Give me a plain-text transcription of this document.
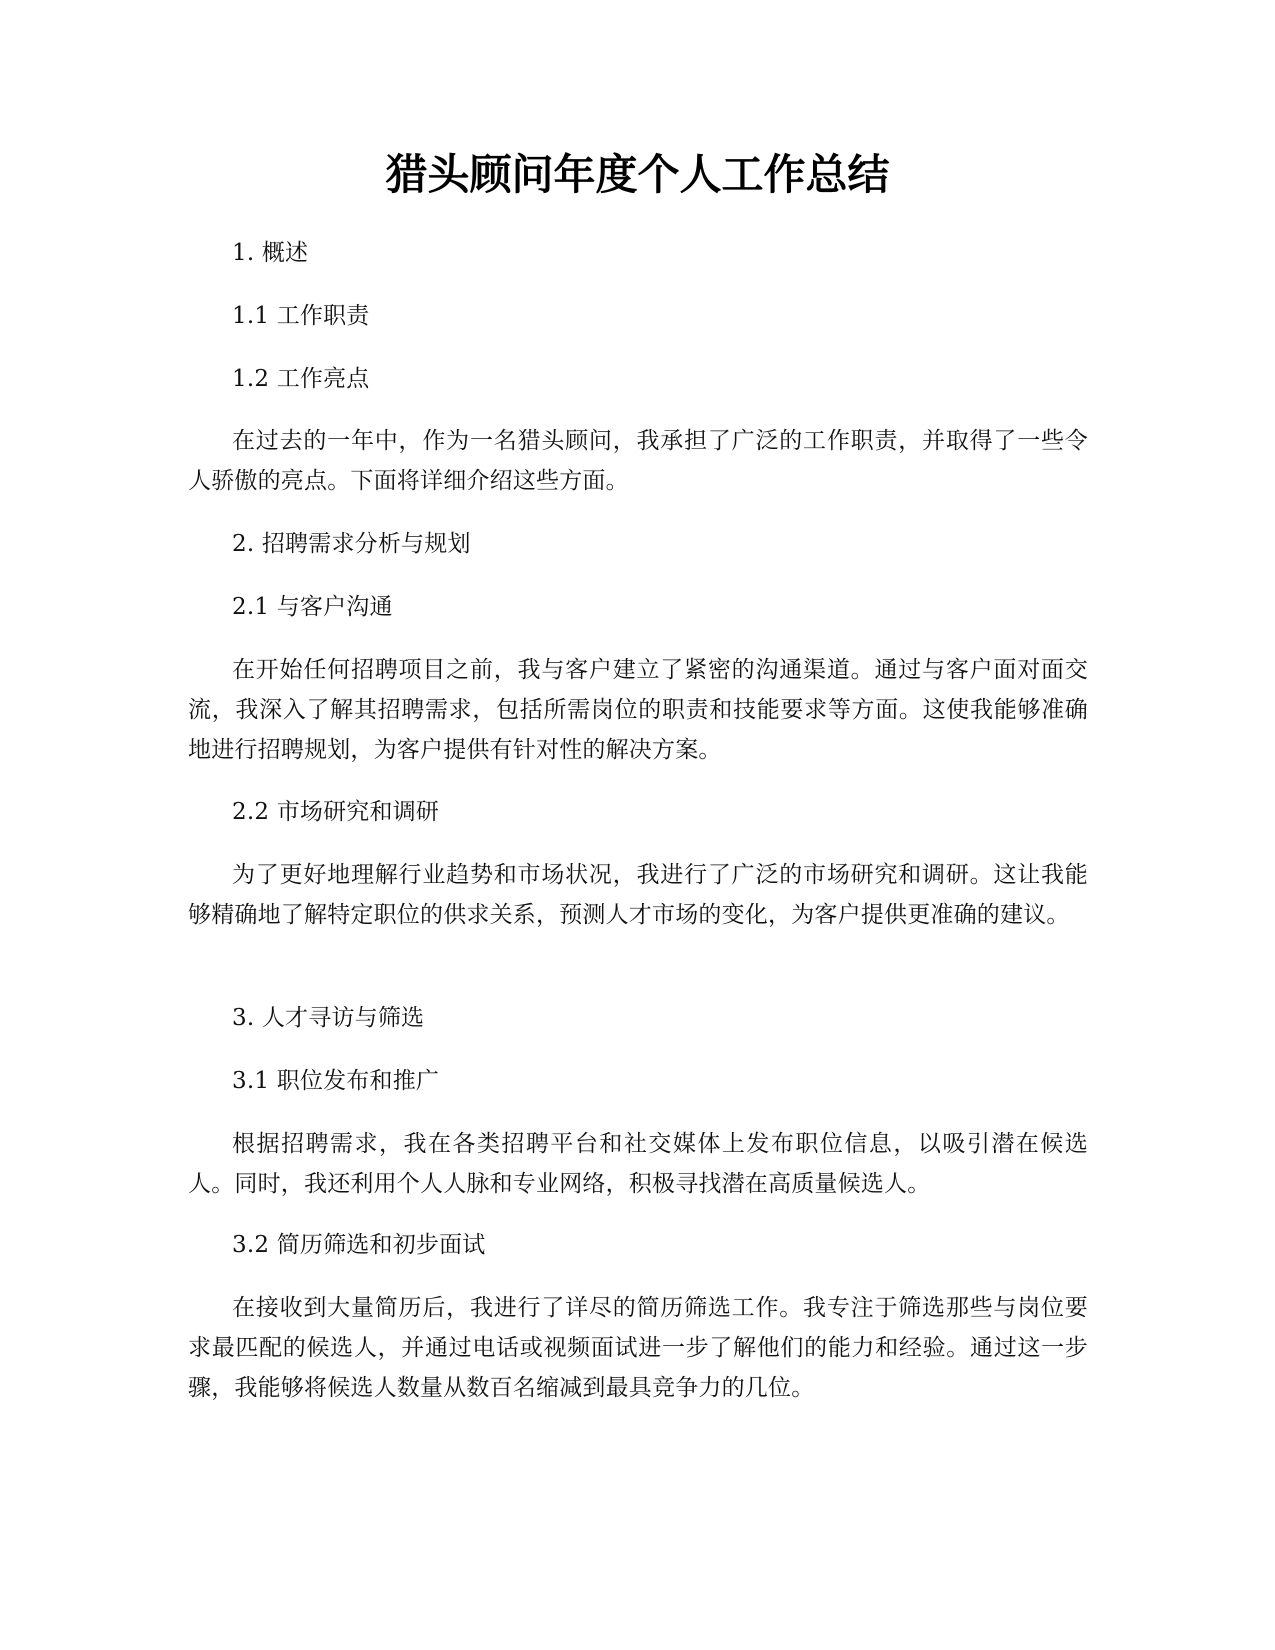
猎头顾问年度个人工作总结

1. 概述

1.1 工作职责

1.2 工作亮点

在过去的一年中，作为一名猎头顾问，我承担了广泛的工作职责，并取得了一些令人骄傲的亮点。下面将详细介绍这些方面。

2. 招聘需求分析与规划

2.1 与客户沟通

在开始任何招聘项目之前，我与客户建立了紧密的沟通渠道。通过与客户面对面交流，我深入了解其招聘需求，包括所需岗位的职责和技能要求等方面。这使我能够准确地进行招聘规划，为客户提供有针对性的解决方案。

2.2 市场研究和调研

为了更好地理解行业趋势和市场状况，我进行了广泛的市场研究和调研。这让我能够精确地了解特定职位的供求关系，预测人才市场的变化，为客户提供更准确的建议。

3. 人才寻访与筛选

3.1 职位发布和推广

根据招聘需求，我在各类招聘平台和社交媒体上发布职位信息，以吸引潜在候选人。同时，我还利用个人人脉和专业网络，积极寻找潜在高质量候选人。

3.2 简历筛选和初步面试

在接收到大量简历后，我进行了详尽的简历筛选工作。我专注于筛选那些与岗位要求最匹配的候选人，并通过电话或视频面试进一步了解他们的能力和经验。通过这一步骤，我能够将候选人数量从数百名缩减到最具竞争力的几位。
